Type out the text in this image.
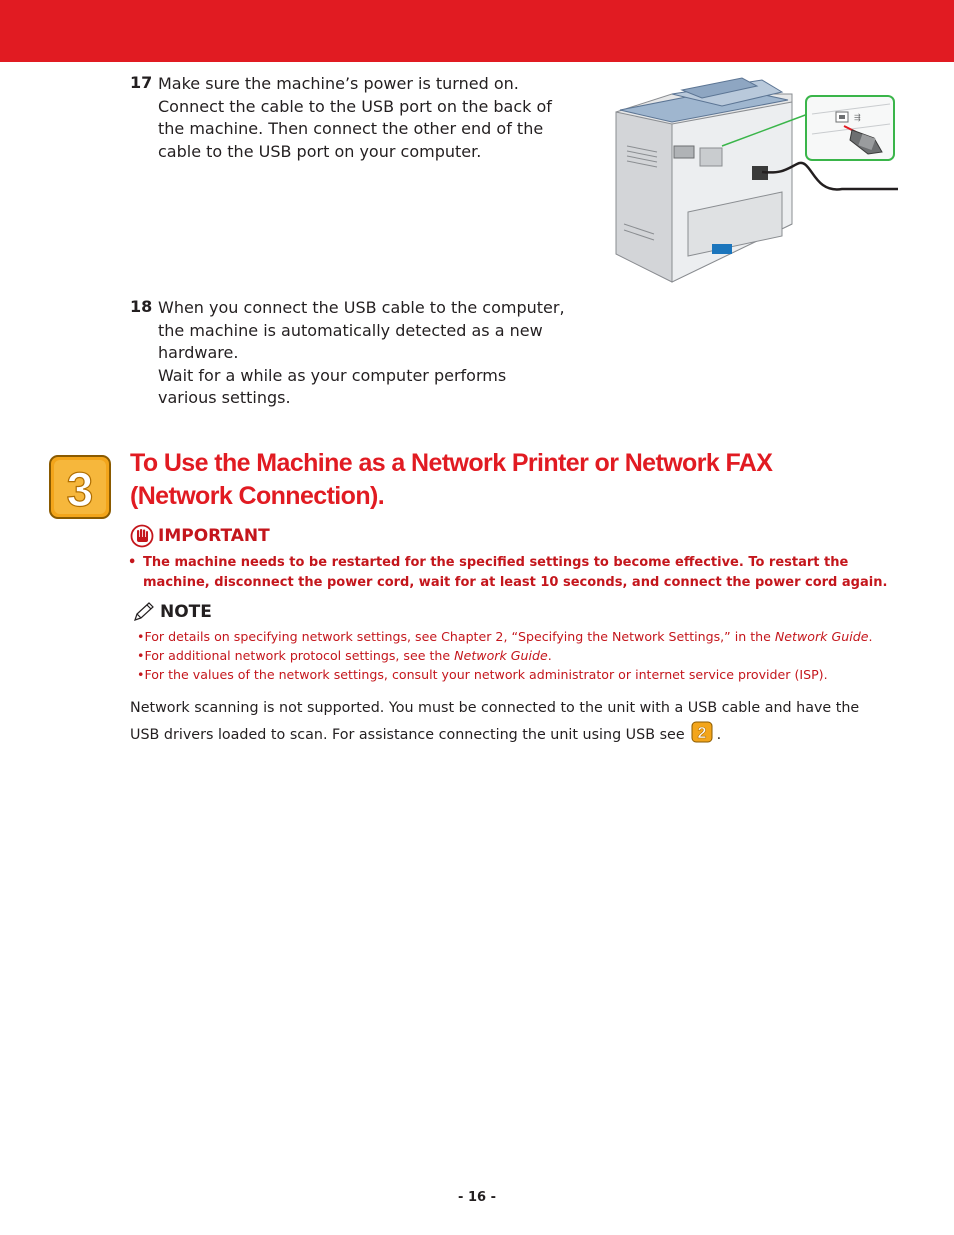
17 Make sure the machine’s power is turned on. Connect the cable to the USB port on the back of the machine. Then connect the other end of the cable to the USB port on your computer.

18 When you connect the USB cable to the computer, the machine is automatically detected as a new hardware.

Wait for a while as your computer performs various settings.

⇶
3
To Use the Machine as a Network Printer or Network FAX (Network Connection).
IMPORTANT
• The machine needs to be restarted for the specified settings to become effective. To restart the machine, disconnect the power cord, wait for at least 10 seconds, and connect the power cord again.
NOTE
•For details on specifying network settings, see Chapter 2, “Specifying the Network Settings,” in the Network Guide.
•For additional network protocol settings, see the Network Guide.
•For the values of the network settings, consult your network administrator or internet service provider (ISP).
Network scanning is not supported. You must be connected to the unit with a USB cable and have the USB drivers loaded to scan. For assistance connecting the unit using USB see 2 .
- 16 -
